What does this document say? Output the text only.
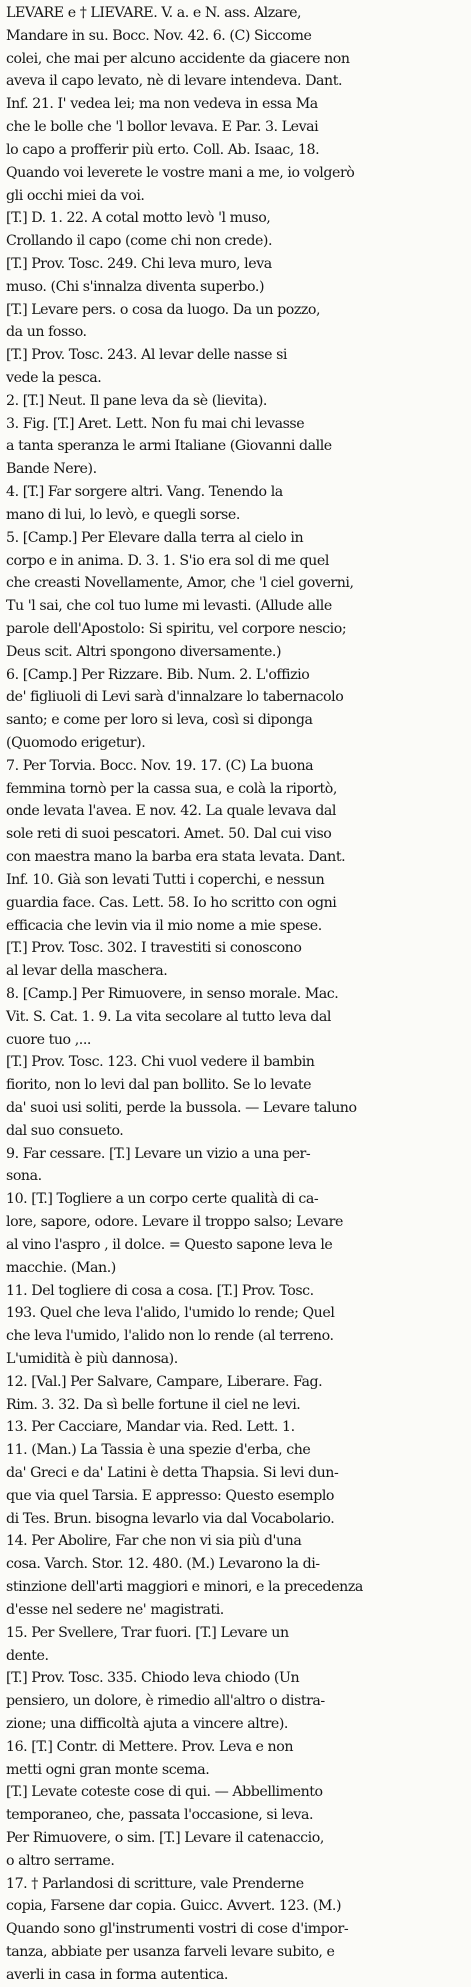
LEVARE e † LIEVARE. V. a. e N. ass. Alzare,
Mandare in su. Bocc. Nov. 42. 6. (C) Siccome
colei, che mai per alcuno accidente da giacere non
aveva il capo levato, nè di levare intendeva. Dant.
Inf. 21. I' vedea lei; ma non vedeva in essa Ma
che le bolle che 'l bollor levava. E Par. 3. Levai
lo capo a profferir più erto. Coll. Ab. Isaac, 18.
Quando voi leverete le vostre mani a me, io volgerò
gli occhi miei da voi.
[T.] D. 1. 22. A cotal motto levò 'l muso,
Crollando il capo (come chi non crede).
[T.] Prov. Tosc. 249. Chi leva muro, leva
muso. (Chi s'innalza diventa superbo.)
[T.] Levare pers. o cosa da luogo. Da un pozzo,
da un fosso.
[T.] Prov. Tosc. 243. Al levar delle nasse si
vede la pesca.
2. [T.] Neut. Il pane leva da sè (lievita).
3. Fig. [T.] Aret. Lett. Non fu mai chi levasse
a tanta speranza le armi Italiane (Giovanni dalle
Bande Nere).
4. [T.] Far sorgere altri. Vang. Tenendo la
mano di lui, lo levò, e quegli sorse.
5. [Camp.] Per Elevare dalla terra al cielo in
corpo e in anima. D. 3. 1. S'io era sol di me quel
che creasti Novellamente, Amor, che 'l ciel governi,
Tu 'l sai, che col tuo lume mi levasti. (Allude alle
parole dell'Apostolo: Si spiritu, vel corpore nescio;
Deus scit. Altri spongono diversamente.)
6. [Camp.] Per Rizzare. Bib. Num. 2. L'offizio
de' figliuoli di Levi sarà d'innalzare lo tabernacolo
santo; e come per loro si leva, così si diponga
(Quomodo erigetur).
7. Per Torvia. Bocc. Nov. 19. 17. (C) La buona
femmina tornò per la cassa sua, e colà la riportò,
onde levata l'avea. E nov. 42. La quale levava dal
sole reti di suoi pescatori. Amet. 50. Dal cui viso
con maestra mano la barba era stata levata. Dant.
Inf. 10. Già son levati Tutti i coperchi, e nessun
guardia face. Cas. Lett. 58. Io ho scritto con ogni
efficacia che levin via il mio nome a mie spese.
[T.] Prov. Tosc. 302. I travestiti si conoscono
al levar della maschera.
8. [Camp.] Per Rimuovere, in senso morale. Mac.
Vit. S. Cat. 1. 9. La vita secolare al tutto leva dal
cuore tuo ,...
[T.] Prov. Tosc. 123. Chi vuol vedere il bambin
fiorito, non lo levi dal pan bollito. Se lo levate
da' suoi usi soliti, perde la bussola. — Levare taluno
dal suo consueto.
9. Far cessare. [T.] Levare un vizio a una per-
sona.
10. [T.] Togliere a un corpo certe qualità di ca-
lore, sapore, odore. Levare il troppo salso; Levare
al vino l'aspro , il dolce. = Questo sapone leva le
macchie. (Man.)
11. Del togliere di cosa a cosa. [T.] Prov. Tosc.
193. Quel che leva l'alido, l'umido lo rende; Quel
che leva l'umido, l'alido non lo rende (al terreno.
L'umidità è più dannosa).
12. [Val.] Per Salvare, Campare, Liberare. Fag.
Rim. 3. 32. Da sì belle fortune il ciel ne levi.
13. Per Cacciare, Mandar via. Red. Lett. 1.
11. (Man.) La Tassia è una spezie d'erba, che
da' Greci e da' Latini è detta Thapsia. Si levi dun-
que via quel Tarsia. E appresso: Questo esemplo
di Tes. Brun. bisogna levarlo via dal Vocabolario.
14. Per Abolire, Far che non vi sia più d'una
cosa. Varch. Stor. 12. 480. (M.) Levarono la di-
stinzione dell'arti maggiori e minori, e la precedenza
d'esse nel sedere ne' magistrati.
15. Per Svellere, Trar fuori. [T.] Levare un
dente.
[T.] Prov. Tosc. 335. Chiodo leva chiodo (Un
pensiero, un dolore, è rimedio all'altro o distra-
zione; una difficoltà ajuta a vincere altre).
16. [T.] Contr. di Mettere. Prov. Leva e non
metti ogni gran monte scema.
[T.] Levate coteste cose di qui. — Abbellimento
temporaneo, che, passata l'occasione, si leva.
Per Rimuovere, o sim. [T.] Levare il catenaccio,
o altro serrame.
17. † Parlandosi di scritture, vale Prenderne
copia, Farsene dar copia. Guicc. Avvert. 123. (M.)
Quando sono gl'instrumenti vostri di cose d'impor-
tanza, abbiate per usanza farveli levare subito, e
averli in casa in forma autentica.
